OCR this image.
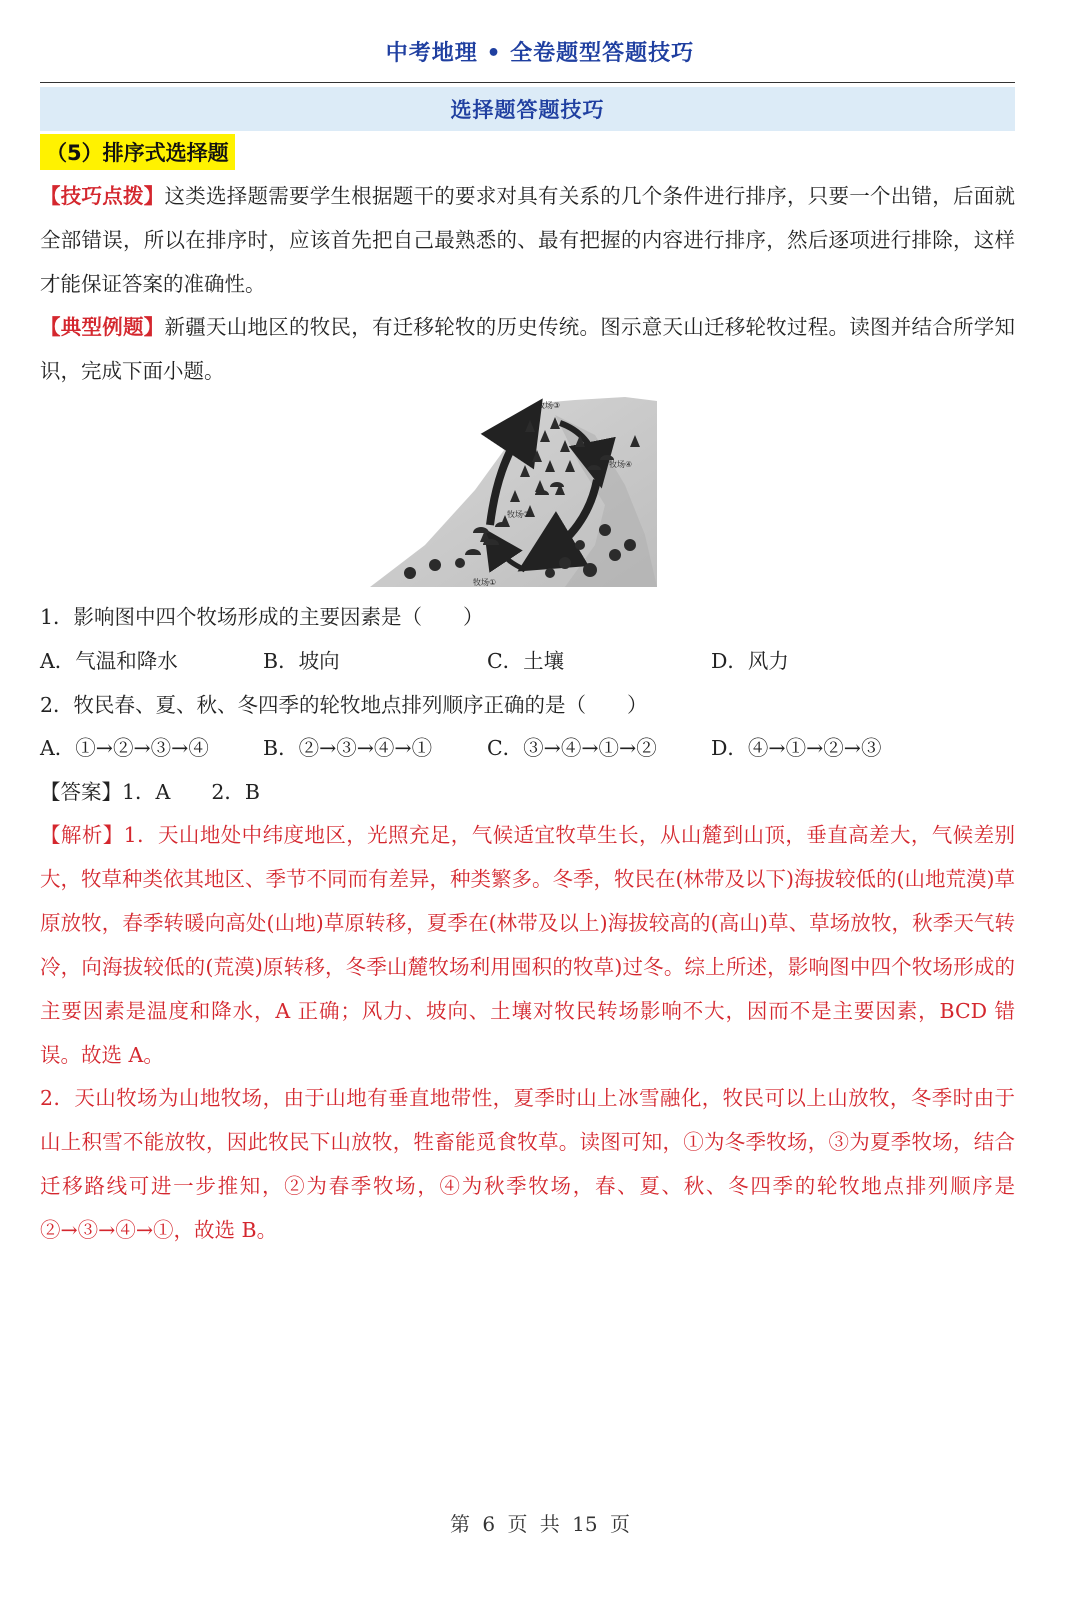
中考地理 • 全卷题型答题技巧
选择题答题技巧
（5）排序式选择题
【技巧点拨】这类选择题需要学生根据题干的要求对具有关系的几个条件进行排序，只要一个出错，后面就全部错误，所以在排序时，应该首先把自己最熟悉的、最有把握的内容进行排序，然后逐项进行排除，这样才能保证答案的准确性。
【典型例题】新疆天山地区的牧民，有迁移轮牧的历史传统。图示意天山迁移轮牧过程。读图并结合所学知识，完成下面小题。
牧场③
牧场④
牧场②
牧场①
1．影响图中四个牧场形成的主要因素是（　　）
A．气温和降水	B．坡向	C．土壤	D．风力
2．牧民春、夏、秋、冬四季的轮牧地点排列顺序正确的是（　　）
A．①→②→③→④	B．②→③→④→①	C．③→④→①→②	D．④→①→②→③
【答案】1．A　　2．B
【解析】1．天山地处中纬度地区，光照充足，气候适宜牧草生长，从山麓到山顶，垂直高差大，气候差别大，牧草种类依其地区、季节不同而有差异，种类繁多。冬季，牧民在(林带及以下)海拔较低的(山地荒漠)草原放牧，春季转暖向高处(山地)草原转移，夏季在(林带及以上)海拔较高的(高山)草、草场放牧，秋季天气转冷，向海拔较低的(荒漠)原转移，冬季山麓牧场利用囤积的牧草)过冬。综上所述，影响图中四个牧场形成的主要因素是温度和降水，A 正确；风力、坡向、土壤对牧民转场影响不大，因而不是主要因素，BCD 错误。故选 A。
2．天山牧场为山地牧场，由于山地有垂直地带性，夏季时山上冰雪融化，牧民可以上山放牧，冬季时由于山上积雪不能放牧，因此牧民下山放牧，牲畜能觅食牧草。读图可知，①为冬季牧场，③为夏季牧场，结合迁移路线可进一步推知，②为春季牧场，④为秋季牧场，春、夏、秋、冬四季的轮牧地点排列顺序是②→③→④→①，故选 B。
第 6 页 共 15 页
